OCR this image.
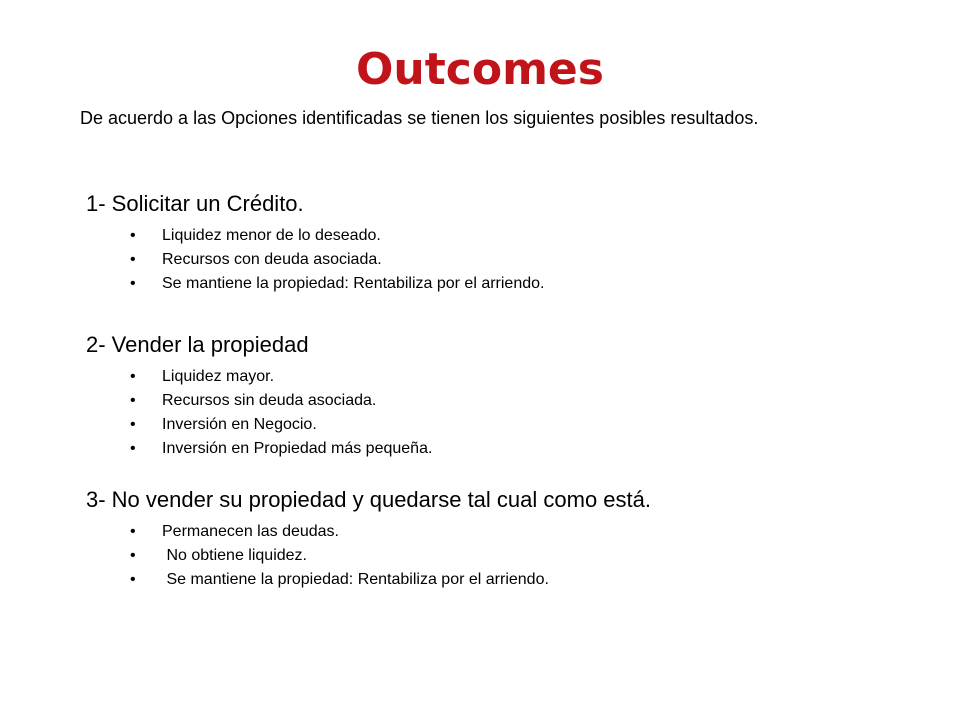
Outcomes

De acuerdo a las Opciones identificadas se tienen los siguientes posibles resultados.

1- Solicitar un Crédito.

• Liquidez menor de lo deseado.
• Recursos con deuda asociada.
• Se mantiene la propiedad: Rentabiliza por el arriendo.

2- Vender la propiedad

• Liquidez mayor.
• Recursos sin deuda asociada.
• Inversión en Negocio.
• Inversión en Propiedad más pequeña.

3- No vender su propiedad y quedarse tal cual como está.

• Permanecen las deudas.
• No obtiene liquidez.
• Se mantiene la propiedad: Rentabiliza por el arriendo.
